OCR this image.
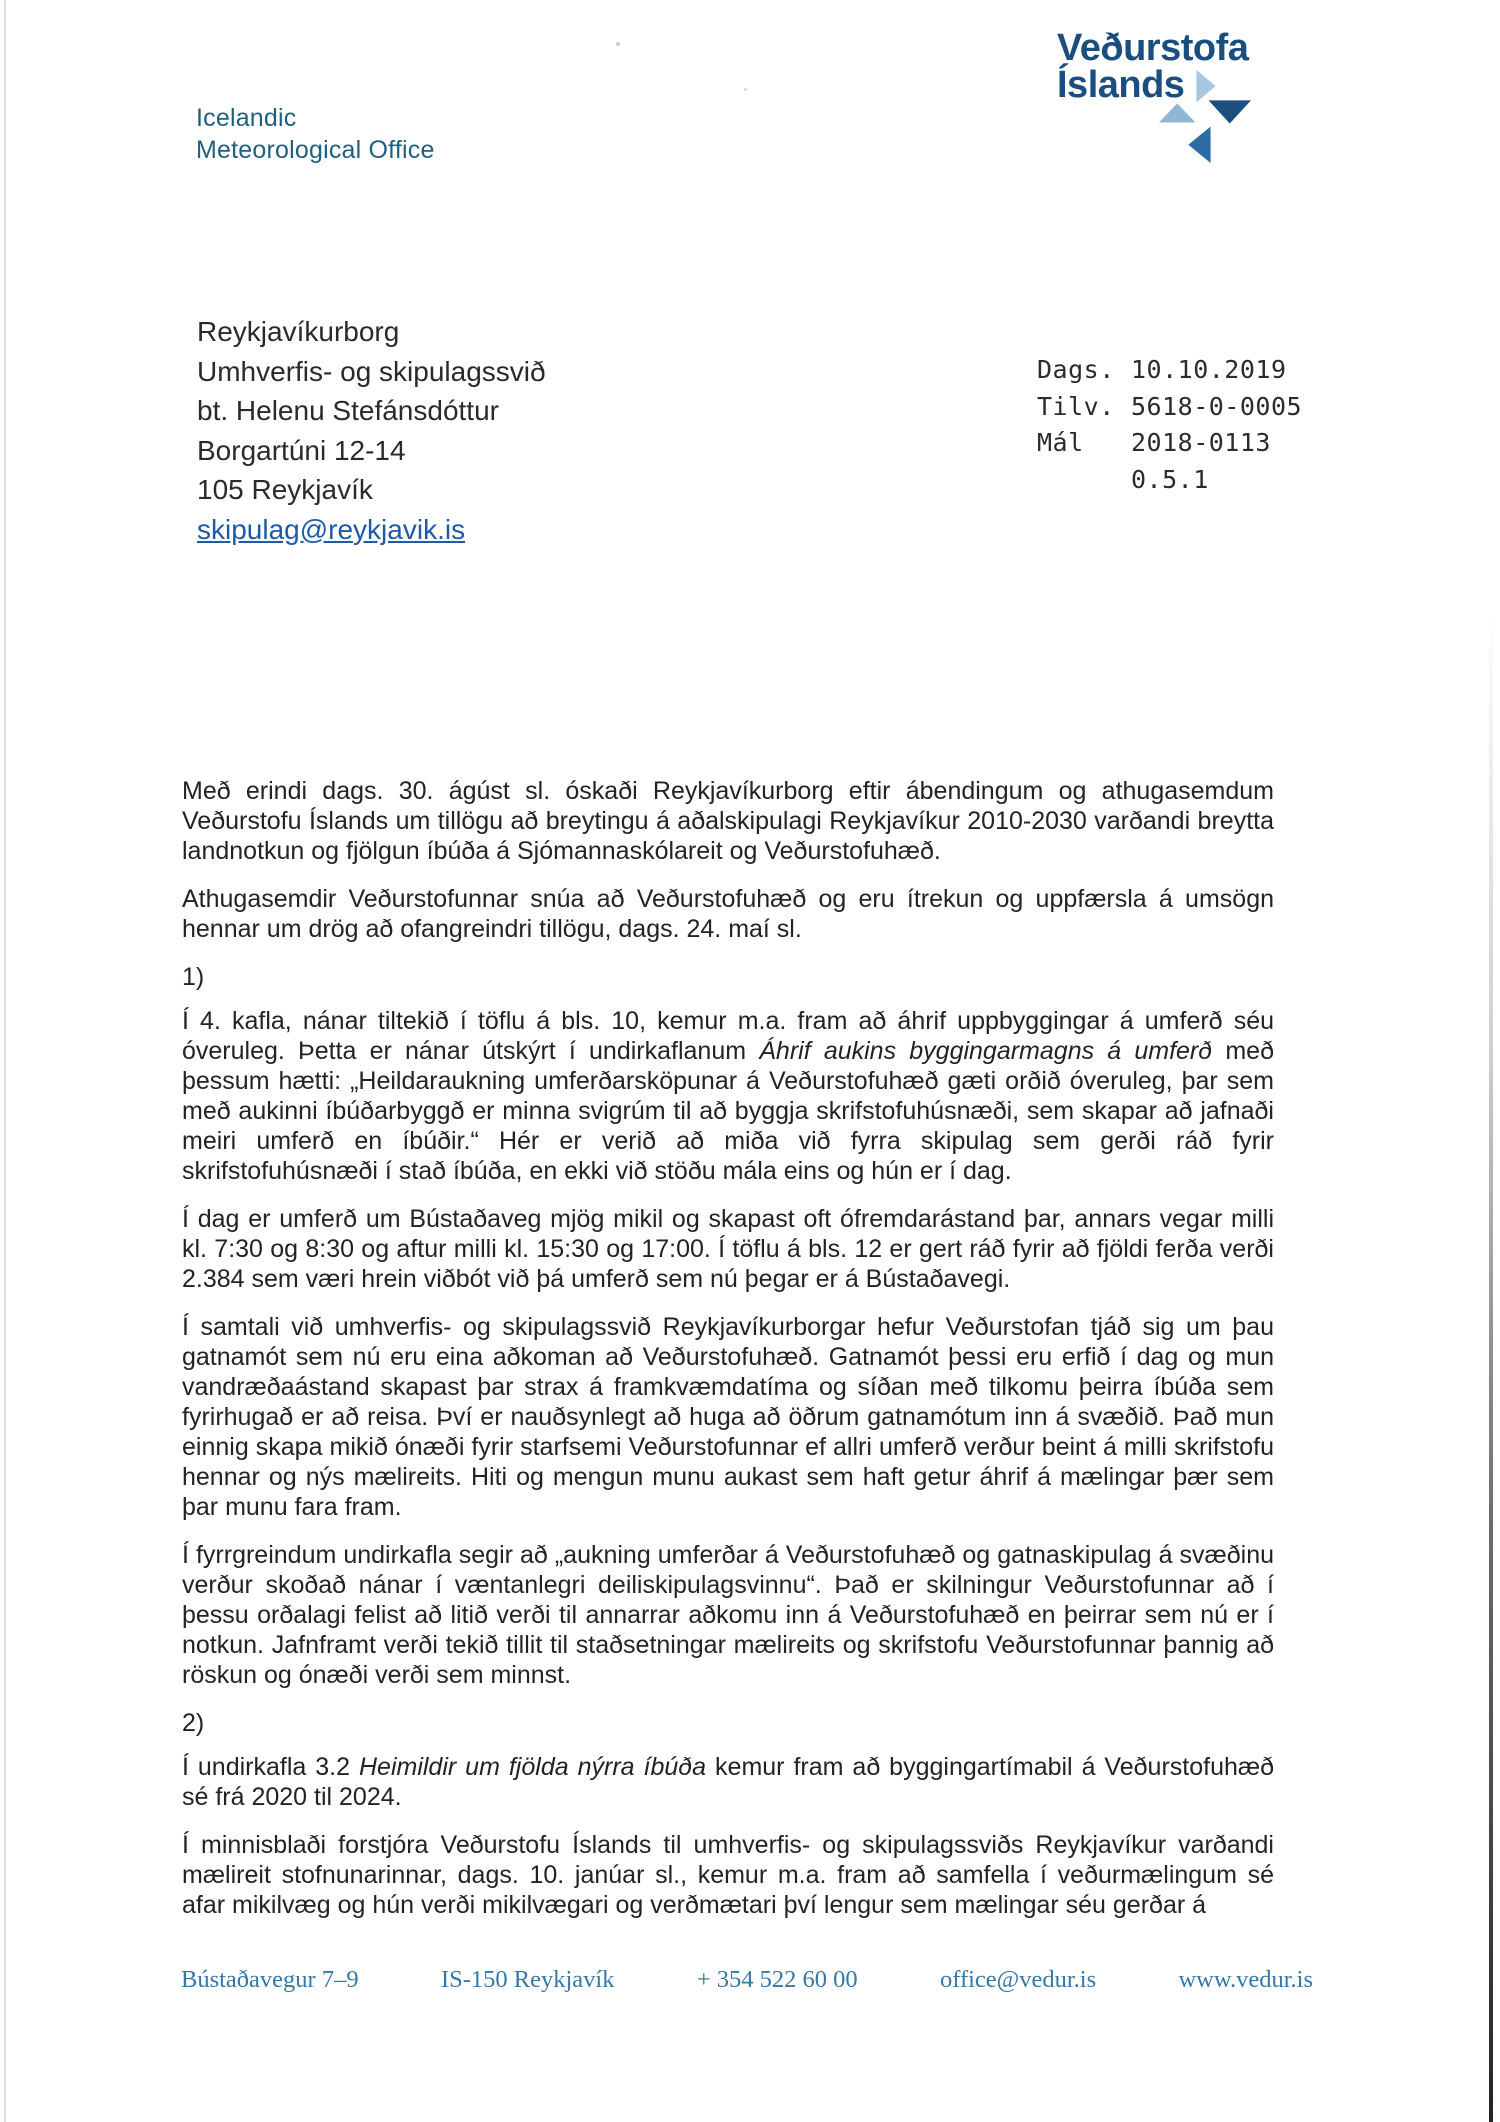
Icelandic
Meteorological Office
Veðurstofa
Íslands
Reykjavíkurborg
Umhverfis- og skipulagssvið
bt. Helenu Stefánsdóttur
Borgartúni 12-14
105 Reykjavík
skipulag@reykjavik.is
Dags. 10.10.2019
Tilv. 5618-0-0005
Mál	2018-0113
0.5.1

Með erindi dags. 30. ágúst sl. óskaði Reykjavíkurborg eftir ábendingum og athugasemdum Veðurstofu Íslands um tillögu að breytingu á aðalskipulagi Reykjavíkur 2010-2030 varðandi breytta landnotkun og fjölgun íbúða á Sjómannaskólareit og Veðurstofuhæð.

Athugasemdir Veðurstofunnar snúa að Veðurstofuhæð og eru ítrekun og uppfærsla á umsögn hennar um drög að ofangreindri tillögu, dags. 24. maí sl.

1)

Í 4. kafla, nánar tiltekið í töflu á bls. 10, kemur m.a. fram að áhrif uppbyggingar á umferð séu óveruleg. Þetta er nánar útskýrt í undirkaflanum Áhrif aukins byggingarmagns á umferð með þessum hætti: „Heildaraukning umferðarsköpunar á Veðurstofuhæð gæti orðið óveruleg, þar sem með aukinni íbúðarbyggð er minna svigrúm til að byggja skrifstofuhúsnæði, sem skapar að jafnaði meiri umferð en íbúðir.“ Hér er verið að miða við fyrra skipulag sem gerði ráð fyrir skrifstofuhúsnæði í stað íbúða, en ekki við stöðu mála eins og hún er í dag.

Í dag er umferð um Bústaðaveg mjög mikil og skapast oft ófremdarástand þar, annars vegar milli kl. 7:30 og 8:30 og aftur milli kl. 15:30 og 17:00. Í töflu á bls. 12 er gert ráð fyrir að fjöldi ferða verði 2.384 sem væri hrein viðbót við þá umferð sem nú þegar er á Bústaðavegi.

Í samtali við umhverfis- og skipulagssvið Reykjavíkurborgar hefur Veðurstofan tjáð sig um þau gatnamót sem nú eru eina aðkoman að Veðurstofuhæð. Gatnamót þessi eru erfið í dag og mun vandræðaástand skapast þar strax á framkvæmdatíma og síðan með tilkomu þeirra íbúða sem fyrirhugað er að reisa. Því er nauðsynlegt að huga að öðrum gatnamótum inn á svæðið. Það mun einnig skapa mikið ónæði fyrir starfsemi Veðurstofunnar ef allri umferð verður beint á milli skrifstofu hennar og nýs mælireits. Hiti og mengun munu aukast sem haft getur áhrif á mælingar þær sem þar munu fara fram.

Í fyrrgreindum undirkafla segir að „aukning umferðar á Veðurstofuhæð og gatnaskipulag á svæðinu verður skoðað nánar í væntanlegri deiliskipulagsvinnu“. Það er skilningur Veðurstofunnar að í þessu orðalagi felist að litið verði til annarrar aðkomu inn á Veðurstofuhæð en þeirrar sem nú er í notkun. Jafnframt verði tekið tillit til staðsetningar mælireits og skrifstofu Veðurstofunnar þannig að röskun og ónæði verði sem minnst.

2)

Í undirkafla 3.2 Heimildir um fjölda nýrra íbúða kemur fram að byggingartímabil á Veðurstofuhæð sé frá 2020 til 2024.

Í minnisblaði forstjóra Veðurstofu Íslands til umhverfis- og skipulagssviðs Reykjavíkur varðandi mælireit stofnunarinnar, dags. 10. janúar sl., kemur m.a. fram að samfella í veðurmælingum sé afar mikilvæg og hún verði mikilvægari og verðmætari því lengur sem mælingar séu gerðar á

Bústaðavegur 7–9	IS-150 Reykjavík	+ 354 522 60 00	office@vedur.is	www.vedur.is
